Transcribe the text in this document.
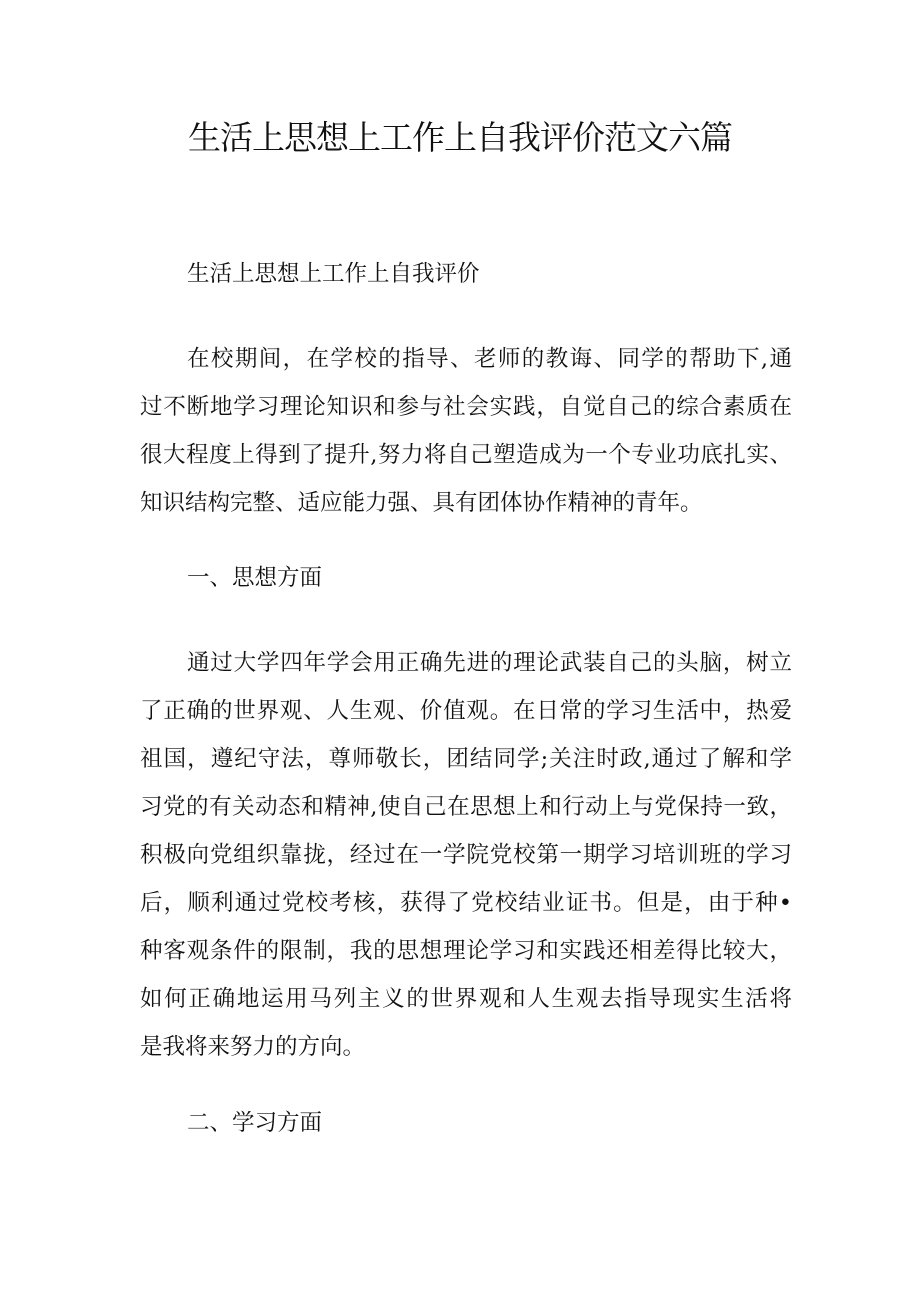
生活上思想上工作上自我评价范文六篇

生活上思想上工作上自我评价

在校期间，在学校的指导、老师的教诲、同学的帮助下,通

过不断地学习理论知识和参与社会实践，自觉自己的综合素质在

很大程度上得到了提升,努力将自己塑造成为一个专业功底扎实、

知识结构完整、适应能力强、具有团体协作精神的青年。

一、思想方面

通过大学四年学会用正确先进的理论武装自己的头脑，树立

了正确的世界观、人生观、价值观。在日常的学习生活中，热爱

祖国，遵纪守法，尊师敬长，团结同学;关注时政,通过了解和学

习党的有关动态和精神,使自己在思想上和行动上与党保持一致，

积极向党组织靠拢，经过在一学院党校第一期学习培训班的学习

后，顺利通过党校考核，获得了党校结业证书。但是，由于种•

种客观条件的限制，我的思想理论学习和实践还相差得比较大，

如何正确地运用马列主义的世界观和人生观去指导现实生活将

是我将来努力的方向。

二、学习方面
